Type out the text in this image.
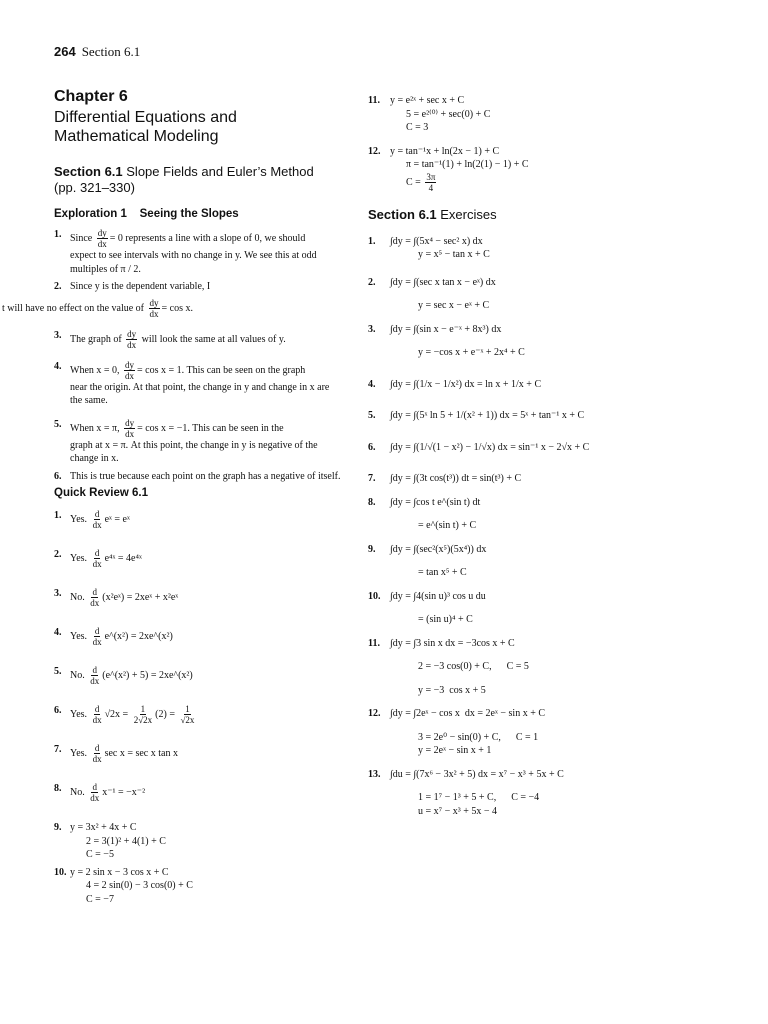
264 Section 6.1
Chapter 6
Differential Equations and
Mathematical Modeling
Section 6.1 Slope Fields and Euler’s Method
(pp. 321–330)
Exploration 1    Seeing the Slopes
1. Since $\frac{dy}{dx} = 0$ represents a line with a slope of 0, we should
expect to see intervals with no change in y. We see this at odd multiples of π / 2.
2. Since y is the dependent variable, I
t will have no effect on the value of $\frac{dy}{dx} = \cos x$.
3. The graph of $\frac{dy}{dx}$ will look the same at all values of y.
4. When x = 0, $\frac{dy}{dx} = \cos x = 1$. This can be seen on the graph
near the origin. At that point, the change in y and change in x are the same.
5. When x = π, $\frac{dy}{dx} = \cos x = -1$. This can be seen in the
graph at x = π. At this point, the change in y is negative of the change in x.
6. This is true because each point on the graph has a negative of itself.
Quick Review 6.1
1. Yes. $\frac{d}{dx}$ eˣ = eˣ
2. Yes. $\frac{d}{dx}$ e⁴ˣ = 4e⁴ˣ
3. No. $\frac{d}{dx}$ (x²eˣ) = 2xeˣ + x²eˣ
4. Yes. $\frac{d}{dx}$ e^(x²) = 2xe^(x²)
5. No. $\frac{d}{dx}$ (e^(x²) + 5) = 2xe^(x²)
6. Yes. $\frac{d}{dx} √2x = \frac{1}{2√2x} (2) = \frac{1}{√2x}$
7. Yes. $\frac{d}{dx}$ sec x = sec x tan x
8. No. $\frac{d}{dx} x^{-1} = -x^{-2}$
9. y = 3x² + 4x + C
2 = 3(1)² + 4(1) + C
C = −5
10. y = 2 sin x − 3 cos x + C
4 = 2 sin(0) − 3 cos(0) + C
C = −7
11.	y = e²ˣ + sec x + C
5 = e²⁽⁰⁾ + sec(0) + C
C = 3
12. y = tan⁻¹x + ln(2x − 1) + C
π = tan⁻¹(1) + ln(2(1) − 1) + C
$C = \frac{3\pi}{4}$
Section 6.1 Exercises
1.	∫dy = ∫(5x⁴ − sec² x) dx
y = x⁵ − tan x + C
2.	∫dy = ∫(sec x tan x − eˣ) dx
y = sec x − eˣ + C
3.	∫dy = ∫(sin x − e⁻ˣ + 8x³) dx
y = −cos x + e⁻ˣ + 2x⁴ + C
4.	∫dy = ∫(1/x − 1/x²) dx = ln x + 1/x + C
5.	∫dy = ∫(5ˣ ln 5 + 1/(x² + 1)) dx = 5ˣ + tan⁻¹ x + C
6.	∫dy = ∫(1/√(1 − x²) − 1/√x) dx = sin⁻¹ x − 2√x + C
7.	∫dy = ∫(3t cos(t³)) dt = sin(t³) + C
8.	∫dy = ∫cos t e^(sin t) dt
= e^(sin t) + C
9.	∫dy = ∫(sec²(x⁵)(5x⁴)) dx
= tan x⁵ + C
10. ∫dy = ∫4(sin u)³ cos u du
= (sin u)⁴ + C
11.	∫dy = ∫3 sin x dx = −3cos x + C
2 = −3 cos(0) + C,      C = 5
y = −3  cos x + 5
12. ∫dy = ∫2eˣ − cos x  dx = 2eˣ − sin x + C
3 = 2e⁰ − sin(0) + C,      C = 1
y = 2eˣ − sin x + 1
13. ∫du = ∫(7x⁶ − 3x² + 5) dx = x⁷ − x³ + 5x + C
1 = 1⁷ − 1³ + 5 + C,      C = −4
u = x⁷ − x³ + 5x − 4
